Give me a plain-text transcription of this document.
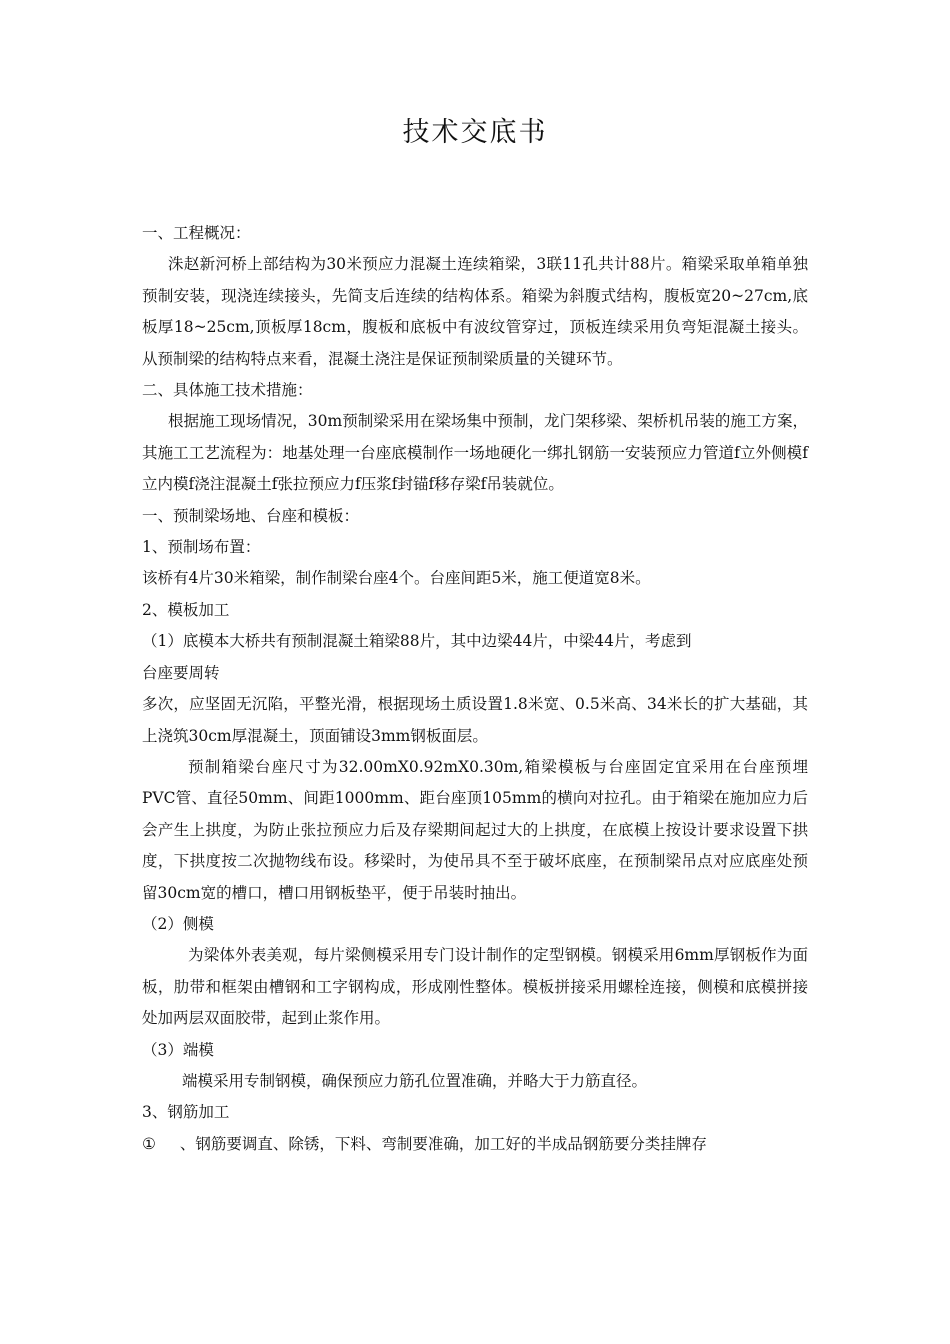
技术交底书

一、工程概况：

洙赵新河桥上部结构为30米预应力混凝土连续箱梁，3联11孔共计88片。箱梁采取单箱单独预制安装，现浇连续接头，先简支后连续的结构体系。箱梁为斜腹式结构，腹板宽20~27cm,底板厚18~25cm,顶板厚18cm，腹板和底板中有波纹管穿过，顶板连续采用负弯矩混凝土接头。从预制梁的结构特点来看，混凝土浇注是保证预制梁质量的关键环节。

二、具体施工技术措施：

根据施工现场情况，30m预制梁采用在梁场集中预制，龙门架移梁、架桥机吊装的施工方案，其施工工艺流程为：地基处理一台座底模制作一场地硬化一绑扎钢筋一安装预应力管道f立外侧模f立内模f浇注混凝土f张拉预应力f压浆f封锚f移存梁f吊装就位。

一、预制梁场地、台座和模板：

1、预制场布置：

该桥有4片30米箱梁，制作制梁台座4个。台座间距5米，施工便道宽8米。

2、模板加工

（1）底模本大桥共有预制混凝土箱梁88片，其中边梁44片，中梁44片，考虑到

台座要周转

多次，应坚固无沉陷，平整光滑，根据现场土质设置1.8米宽、0.5米高、34米长的扩大基础，其上浇筑30cm厚混凝土，顶面铺设3mm钢板面层。

预制箱梁台座尺寸为32.00mX0.92mX0.30m,箱梁模板与台座固定宜采用在台座预埋PVC管、直径50mm、间距1000mm、距台座顶105mm的横向对拉孔。由于箱梁在施加应力后会产生上拱度，为防止张拉预应力后及存梁期间起过大的上拱度，在底模上按设计要求设置下拱度，下拱度按二次抛物线布设。移梁时，为使吊具不至于破坏底座，在预制梁吊点对应底座处预留30cm宽的槽口，槽口用钢板垫平，便于吊装时抽出。

（2）侧模

为梁体外表美观，每片梁侧模采用专门设计制作的定型钢模。钢模采用6mm厚钢板作为面板，肋带和框架由槽钢和工字钢构成，形成刚性整体。模板拼接采用螺栓连接，侧模和底模拼接处加两层双面胶带，起到止浆作用。

（3）端模

端模采用专制钢模，确保预应力筋孔位置准确，并略大于力筋直径。

3、钢筋加工

① 、钢筋要调直、除锈，下料、弯制要准确，加工好的半成品钢筋要分类挂牌存
